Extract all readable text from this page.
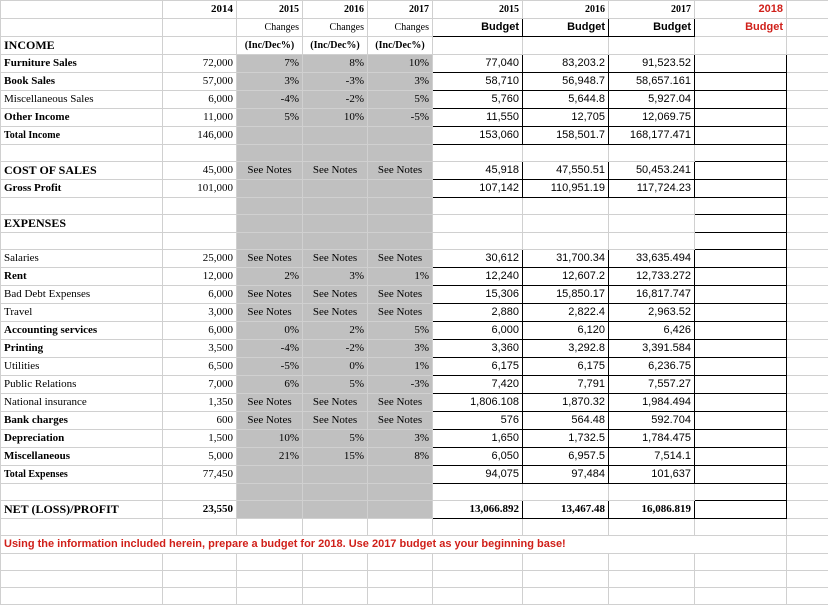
	2014	2015	2016	2017	2015	2016	2017	2018	
		Changes	Changes	Changes	Budget	Budget	Budget	Budget	
INCOME		(Inc/Dec%)	(Inc/Dec%)	(Inc/Dec%)					
Furniture Sales	72,000	7%	8%	10%	77,040	83,203.2	91,523.52		
Book Sales	57,000	3%	-3%	3%	58,710	56,948.7	58,657.161		
Miscellaneous Sales	6,000	-4%	-2%	5%	5,760	5,644.8	5,927.04		
Other Income	11,000	5%	10%	-5%	11,550	12,705	12,069.75		
Total Income	146,000				153,060	158,501.7	168,177.471		

COST OF SALES	45,000	See Notes	See Notes	See Notes	45,918	47,550.51	50,453.241		
Gross Profit	101,000				107,142	110,951.19	117,724.23		

EXPENSES									

Salaries	25,000	See Notes	See Notes	See Notes	30,612	31,700.34	33,635.494		
Rent	12,000	2%	3%	1%	12,240	12,607.2	12,733.272		
Bad Debt Expenses	6,000	See Notes	See Notes	See Notes	15,306	15,850.17	16,817.747		
Travel	3,000	See Notes	See Notes	See Notes	2,880	2,822.4	2,963.52		
Accounting services	6,000	0%	2%	5%	6,000	6,120	6,426		
Printing	3,500	-4%	-2%	3%	3,360	3,292.8	3,391.584		
Utilities	6,500	-5%	0%	1%	6,175	6,175	6,236.75		
Public Relations	7,000	6%	5%	-3%	7,420	7,791	7,557.27		
National insurance	1,350	See Notes	See Notes	See Notes	1,806.108	1,870.32	1,984.494		
Bank charges	600	See Notes	See Notes	See Notes	576	564.48	592.704		
Depreciation	1,500	10%	5%	3%	1,650	1,732.5	1,784.475		
Miscellaneous	5,000	21%	15%	8%	6,050	6,957.5	7,514.1		
Total Expenses	77,450				94,075	97,484	101,637		

NET (LOSS)/PROFIT	23,550				13,066.892	13,467.48	16,086.819		

Using the information included herein, prepare a budget for 2018. Use 2017 budget as your beginning base!									
